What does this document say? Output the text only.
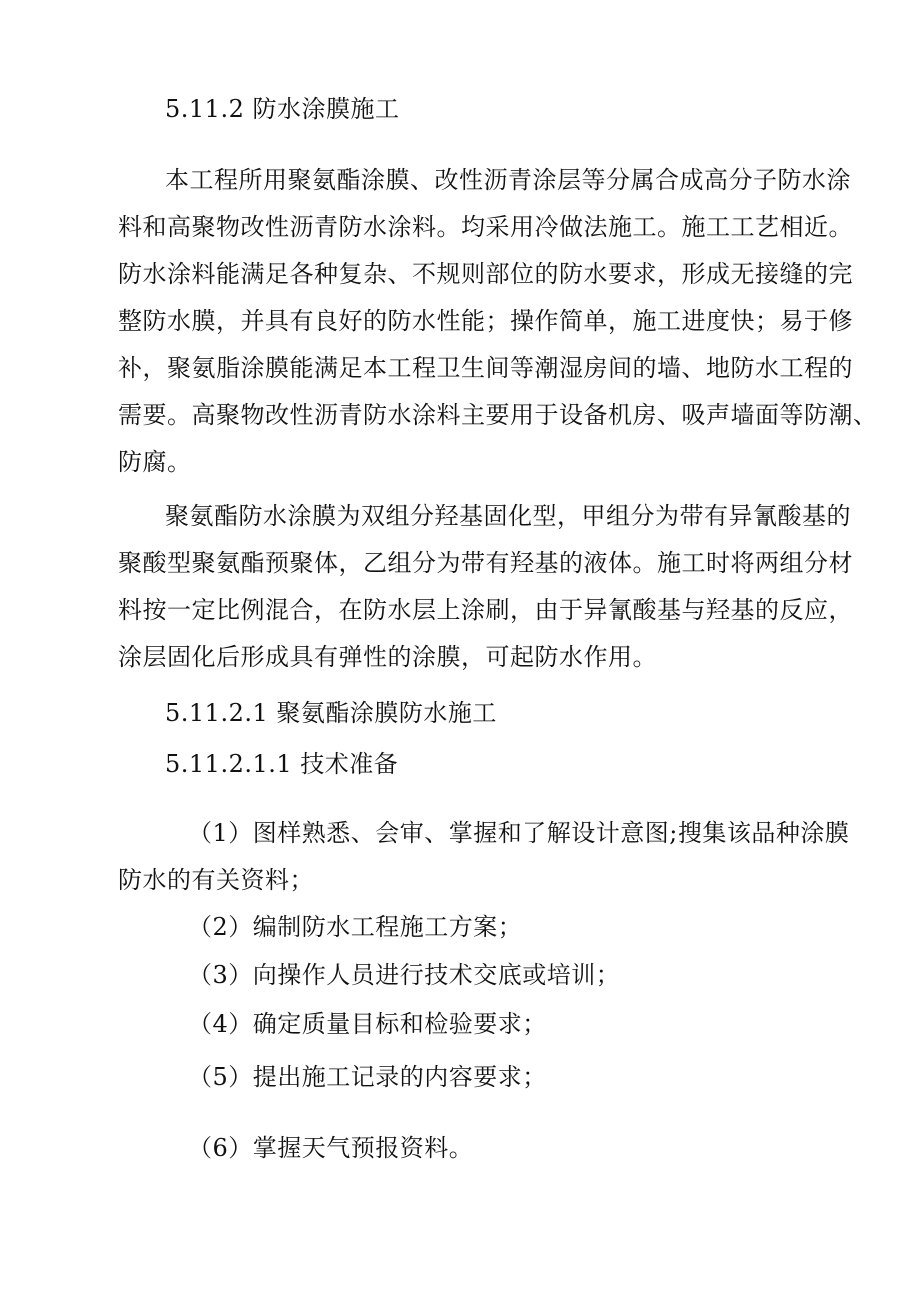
5.11.2 防水涂膜施工

本工程所用聚氨酯涂膜、改性沥青涂层等分属合成高分子防水涂

料和高聚物改性沥青防水涂料。均采用冷做法施工。施工工艺相近。

防水涂料能满足各种复杂、不规则部位的防水要求，形成无接缝的完

整防水膜，并具有良好的防水性能；操作简单，施工进度快；易于修

补，聚氨脂涂膜能满足本工程卫生间等潮湿房间的墙、地防水工程的

需要。高聚物改性沥青防水涂料主要用于设备机房、吸声墙面等防潮、

防腐。

聚氨酯防水涂膜为双组分羟基固化型，甲组分为带有异氰酸基的

聚酸型聚氨酯预聚体，乙组分为带有羟基的液体。施工时将两组分材

料按一定比例混合，在防水层上涂刷，由于异氰酸基与羟基的反应，

涂层固化后形成具有弹性的涂膜，可起防水作用。

5.11.2.1 聚氨酯涂膜防水施工

5.11.2.1.1 技术准备

（1）图样熟悉、会审、掌握和了解设计意图;搜集该品种涂膜

防水的有关资料；

（2）编制防水工程施工方案；

（3）向操作人员进行技术交底或培训；

（4）确定质量目标和检验要求；

（5）提出施工记录的内容要求；

（6）掌握天气预报资料。
